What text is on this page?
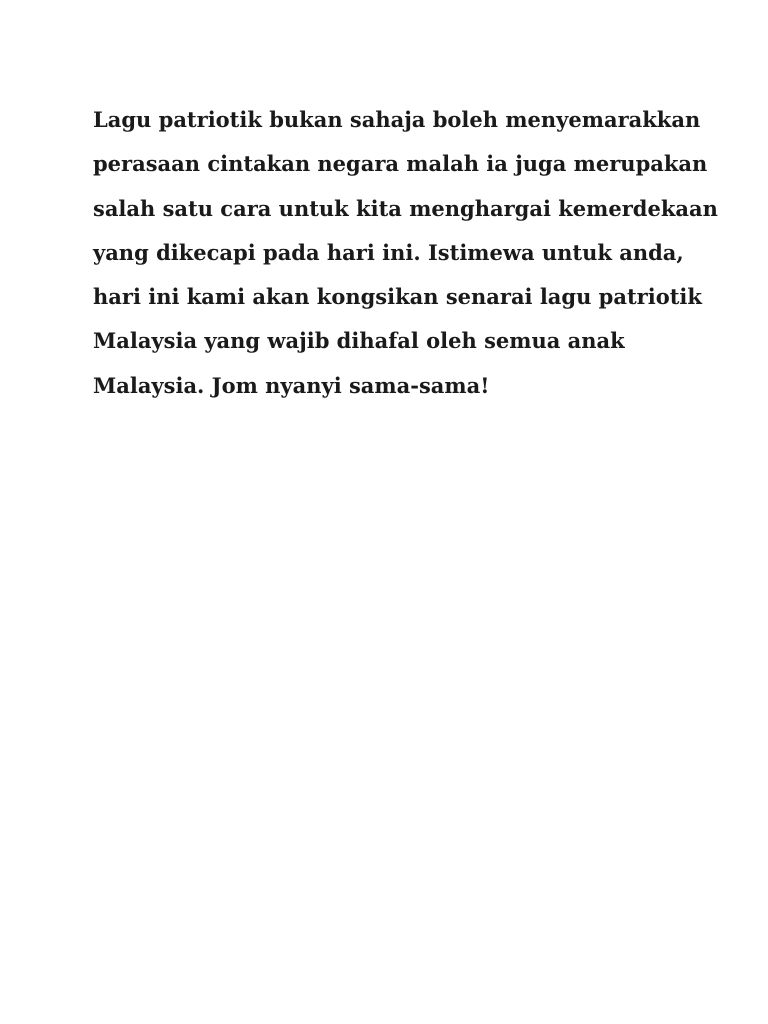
Lagu patriotik bukan sahaja boleh menyemarakkan
perasaan cintakan negara malah ia juga merupakan
salah satu cara untuk kita menghargai kemerdekaan
yang dikecapi pada hari ini. Istimewa untuk anda,
hari ini kami akan kongsikan senarai lagu patriotik
Malaysia yang wajib dihafal oleh semua anak
Malaysia. Jom nyanyi sama-sama!
